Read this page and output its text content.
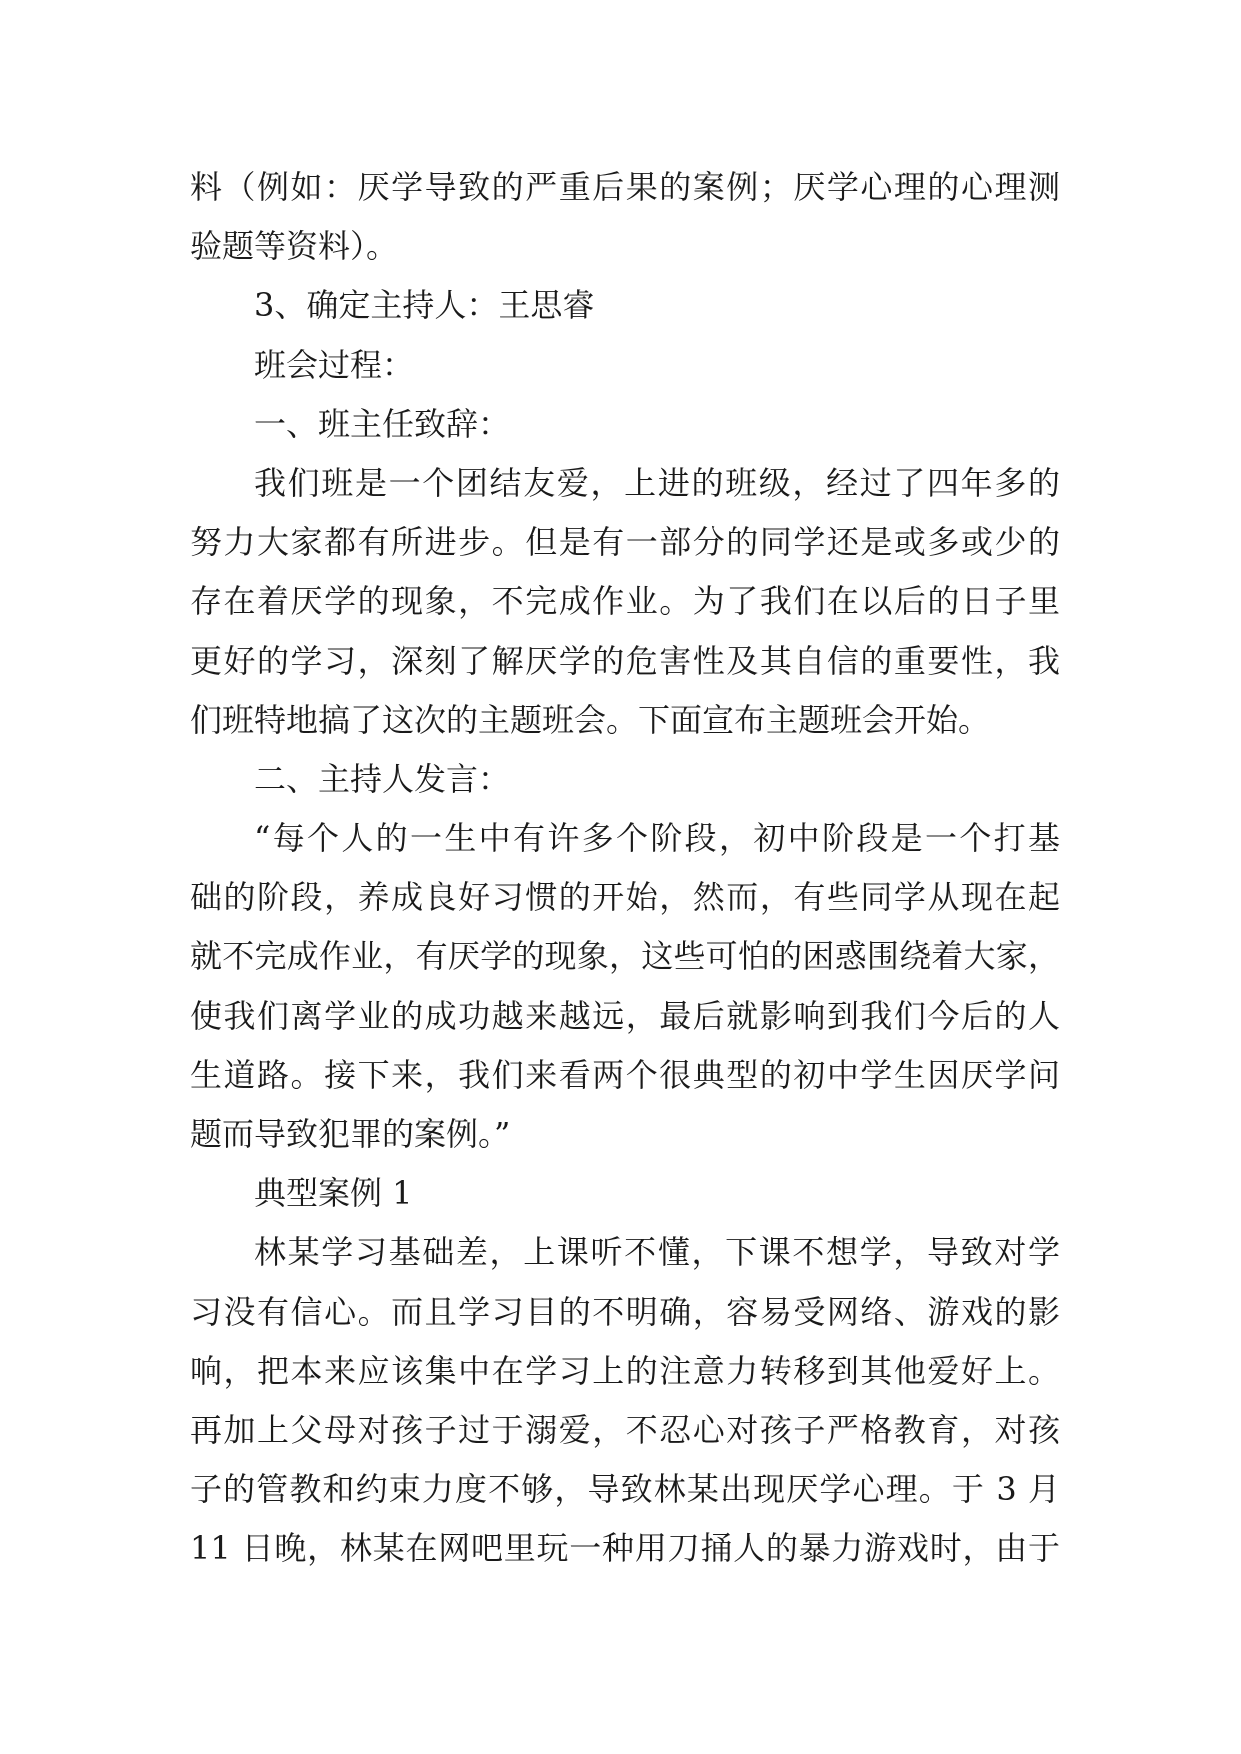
料（例如：厌学导致的严重后果的案例；厌学心理的心理测
验题等资料）。
3、确定主持人：王思睿
班会过程：
一、班主任致辞：
我们班是一个团结友爱，上进的班级，经过了四年多的
努力大家都有所进步。但是有一部分的同学还是或多或少的
存在着厌学的现象，不完成作业。为了我们在以后的日子里
更好的学习，深刻了解厌学的危害性及其自信的重要性，我
们班特地搞了这次的主题班会。下面宣布主题班会开始。
二、主持人发言：
“每个人的一生中有许多个阶段，初中阶段是一个打基
础的阶段，养成良好习惯的开始，然而，有些同学从现在起
就不完成作业，有厌学的现象，这些可怕的困惑围绕着大家，
使我们离学业的成功越来越远，最后就影响到我们今后的人
生道路。接下来，我们来看两个很典型的初中学生因厌学问
题而导致犯罪的案例。”
典型案例 1
林某学习基础差，上课听不懂，下课不想学，导致对学
习没有信心。而且学习目的不明确，容易受网络、游戏的影
响，把本来应该集中在学习上的注意力转移到其他爱好上。
再加上父母对孩子过于溺爱，不忍心对孩子严格教育，对孩
子的管教和约束力度不够，导致林某出现厌学心理。于 3 月
11 日晚，林某在网吧里玩一种用刀捅人的暴力游戏时，由于
